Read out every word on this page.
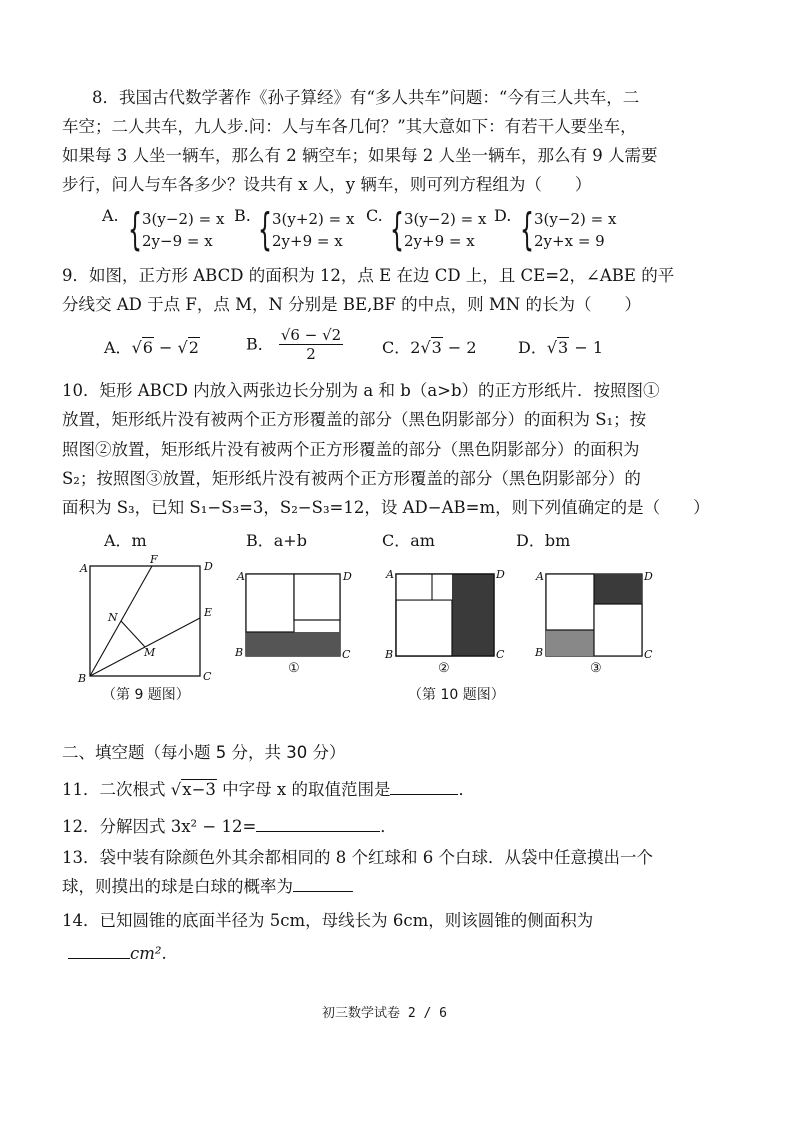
8．我国古代数学著作《孙子算经》有“多人共车”问题：“今有三人共车，二
车空；二人共车，九人步.问：人与车各几何？”其大意如下：有若干人要坐车，
如果每 3 人坐一辆车，那么有 2 辆空车；如果每 2 人坐一辆车，那么有 9 人需要
步行，问人与车各多少？设共有 x 人，y 辆车，则可列方程组为（　　）
A. { 3(y−2) = x
2y−9 = x
B. { 3(y+2) = x
2y+9 = x
C. { 3(y−2) = x
2y+9 = x
D. { 3(y−2) = x
2y+x = 9
9．如图，正方形 ABCD 的面积为 12，点 E 在边 CD 上，且 CE=2，∠ABE 的平
分线交 AD 于点 F，点 M，N 分别是 BE,BF 的中点，则 MN 的长为（　　）
A．√6 − √2	B． $\frac{√6 - √2}{2}$ C．2√3 − 2	D．√3 − 1
10．矩形 ABCD 内放入两张边长分别为 a 和 b（a>b）的正方形纸片．按照图①
放置，矩形纸片没有被两个正方形覆盖的部分（黑色阴影部分）的面积为 S₁；按
照图②放置，矩形纸片没有被两个正方形覆盖的部分（黑色阴影部分）的面积为
S₂；按照图③放置，矩形纸片没有被两个正方形覆盖的部分（黑色阴影部分）的
面积为 S₃，已知 S₁−S₃=3，S₂−S₃=12，设 AD−AB=m，则下列值确定的是（　　）
A．m	B．a+b	C．am	D．bm
A
B	C
D
E
F
N
M
（第 9 题图）
A
B	C
D
①
A
B	C
D
②
A
B	C
D
③
（第 10 题图）
二、填空题（每小题 5 分，共 30 分）
11．二次根式 √x−3 中字母 x 的取值范围是	．
12．分解因式 3x² − 12=	．
13．袋中装有除颜色外其余都相同的 8 个红球和 6 个白球．从袋中任意摸出一个
球，则摸出的球是白球的概率为
14．已知圆锥的底面半径为 5cm，母线长为 6cm，则该圆锥的侧面积为
cm².
初三数学试卷 2 / 6
